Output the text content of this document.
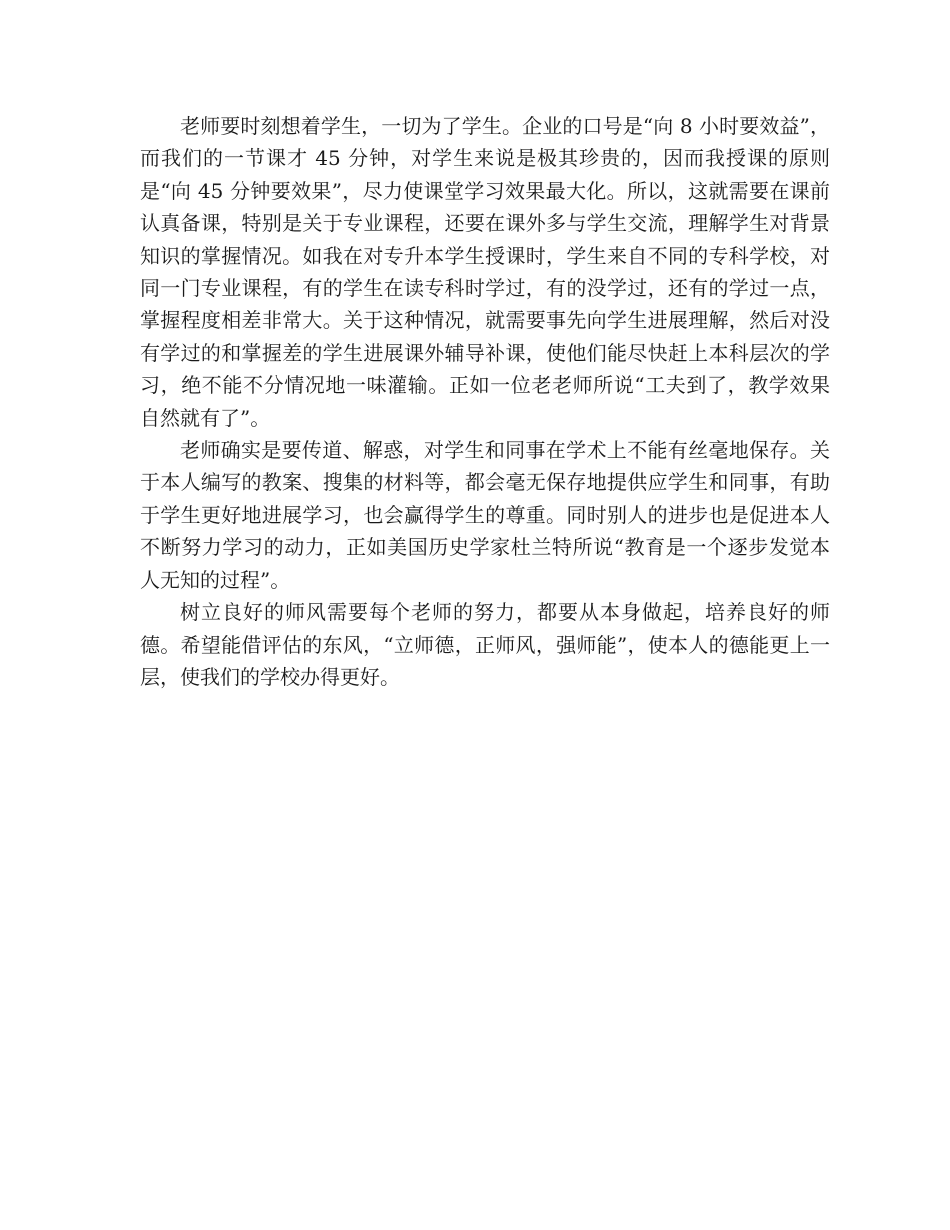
老师要时刻想着学生，一切为了学生。企业的口号是“向 8 小时要效益”，而我们的一节课才 45 分钟，对学生来说是极其珍贵的，因而我授课的原则是“向 45 分钟要效果”，尽力使课堂学习效果最大化。所以，这就需要在课前认真备课，特别是关于专业课程，还要在课外多与学生交流，理解学生对背景知识的掌握情况。如我在对专升本学生授课时，学生来自不同的专科学校，对同一门专业课程，有的学生在读专科时学过，有的没学过，还有的学过一点，掌握程度相差非常大。关于这种情况，就需要事先向学生进展理解，然后对没有学过的和掌握差的学生进展课外辅导补课，使他们能尽快赶上本科层次的学习，绝不能不分情况地一味灌输。正如一位老老师所说“工夫到了，教学效果自然就有了”。

老师确实是要传道、解惑，对学生和同事在学术上不能有丝毫地保存。关于本人编写的教案、搜集的材料等，都会毫无保存地提供应学生和同事，有助于学生更好地进展学习，也会赢得学生的尊重。同时别人的进步也是促进本人不断努力学习的动力，正如美国历史学家杜兰特所说“教育是一个逐步发觉本人无知的过程”。

树立良好的师风需要每个老师的努力，都要从本身做起，培养良好的师德。希望能借评估的东风，“立师德，正师风，强师能”，使本人的德能更上一层，使我们的学校办得更好。
